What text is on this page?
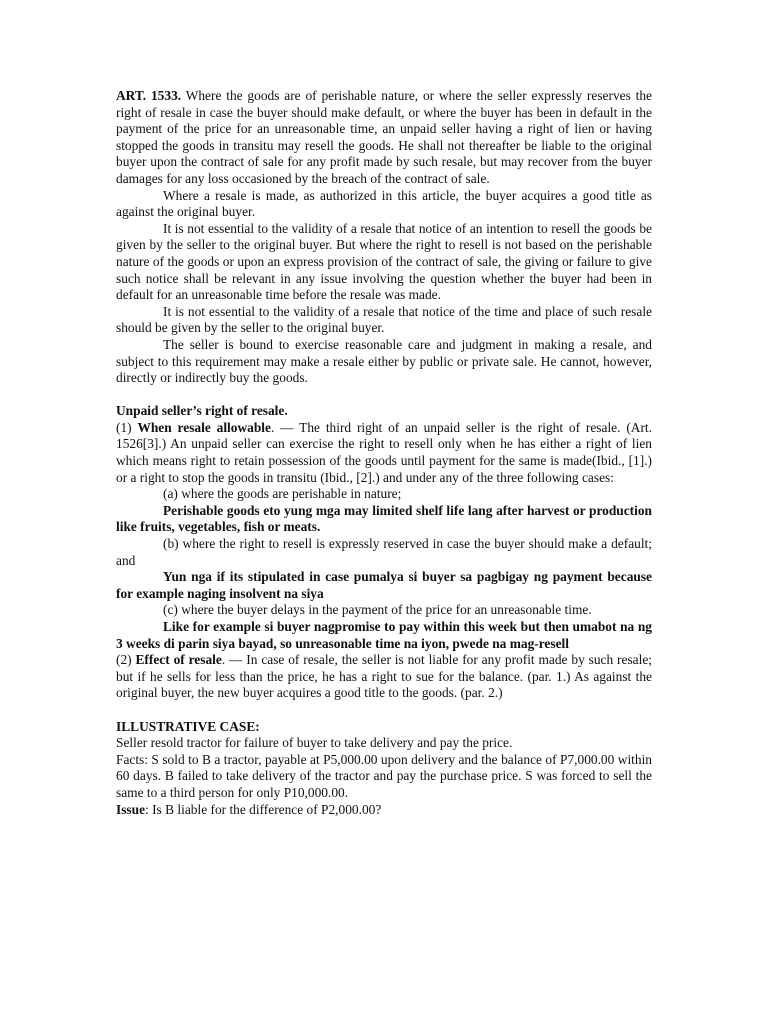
ART. 1533. Where the goods are of perishable nature, or where the seller expressly reserves the right of resale in case the buyer should make default, or where the buyer has been in default in the payment of the price for an unreasonable time, an unpaid seller having a right of lien or having stopped the goods in transitu may resell the goods. He shall not thereafter be liable to the original buyer upon the contract of sale for any profit made by such resale, but may recover from the buyer damages for any loss occasioned by the breach of the contract of sale.

Where a resale is made, as authorized in this article, the buyer acquires a good title as against the original buyer.

It is not essential to the validity of a resale that notice of an intention to resell the goods be given by the seller to the original buyer. But where the right to resell is not based on the perishable nature of the goods or upon an express provision of the contract of sale, the giving or failure to give such notice shall be relevant in any issue involving the question whether the buyer had been in default for an unreasonable time before the resale was made.

It is not essential to the validity of a resale that notice of the time and place of such resale should be given by the seller to the original buyer.

The seller is bound to exercise reasonable care and judgment in making a resale, and subject to this requirement may make a resale either by public or private sale. He cannot, however, directly or indirectly buy the goods.

Unpaid seller’s right of resale.

(1) When resale allowable. — The third right of an unpaid seller is the right of resale. (Art. 1526[3].) An unpaid seller can exercise the right to resell only when he has either a right of lien which means right to retain possession of the goods until payment for the same is made(Ibid., [1].) or a right to stop the goods in transitu (Ibid., [2].) and under any of the three following cases:

(a) where the goods are perishable in nature;

Perishable goods eto yung mga may limited shelf life lang after harvest or production like fruits, vegetables, fish or meats.

(b) where the right to resell is expressly reserved in case the buyer should make a default; and

Yun nga if its stipulated in case pumalya si buyer sa pagbigay ng payment because for example naging insolvent na siya

(c) where the buyer delays in the payment of the price for an unreasonable time.

Like for example si buyer nagpromise to pay within this week but then umabot na ng 3 weeks di parin siya bayad, so unreasonable time na iyon, pwede na mag-resell

(2) Effect of resale. — In case of resale, the seller is not liable for any profit made by such resale; but if he sells for less than the price, he has a right to sue for the balance. (par. 1.) As against the original buyer, the new buyer acquires a good title to the goods. (par. 2.)

ILLUSTRATIVE CASE:

Seller resold tractor for failure of buyer to take delivery and pay the price.

Facts: S sold to B a tractor, payable at P5,000.00 upon delivery and the balance of P7,000.00 within 60 days. B failed to take delivery of the tractor and pay the purchase price. S was forced to sell the same to a third person for only P10,000.00.

Issue: Is B liable for the difference of P2,000.00?
